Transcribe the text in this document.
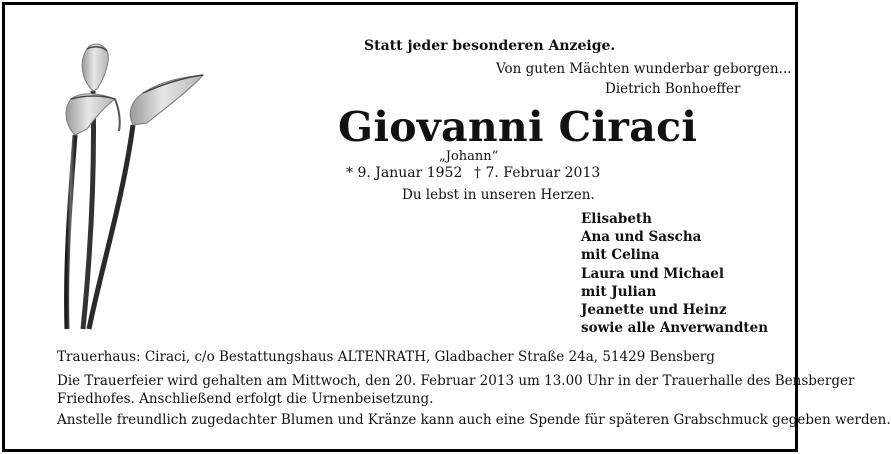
Statt jeder besonderen Anzeige.
Von guten Mächten wunderbar geborgen...
Dietrich Bonhoeffer
Giovanni Ciraci
„Johann“
* 9. Januar 1952 † 7. Februar 2013
Du lebst in unseren Herzen.
Elisabeth
Ana und Sascha
mit Celina
Laura und Michael
mit Julian
Jeanette und Heinz
sowie alle Anverwandten
Trauerhaus: Ciraci, c/o Bestattungshaus ALTENRATH, Gladbacher Straße 24a, 51429 Bensberg
Die Trauerfeier wird gehalten am Mittwoch, den 20. Februar 2013 um 13.00 Uhr in der Trauerhalle des Bensberger
Friedhofes. Anschließend erfolgt die Urnenbeisetzung.
Anstelle freundlich zugedachter Blumen und Kränze kann auch eine Spende für späteren Grabschmuck gegeben werden.
